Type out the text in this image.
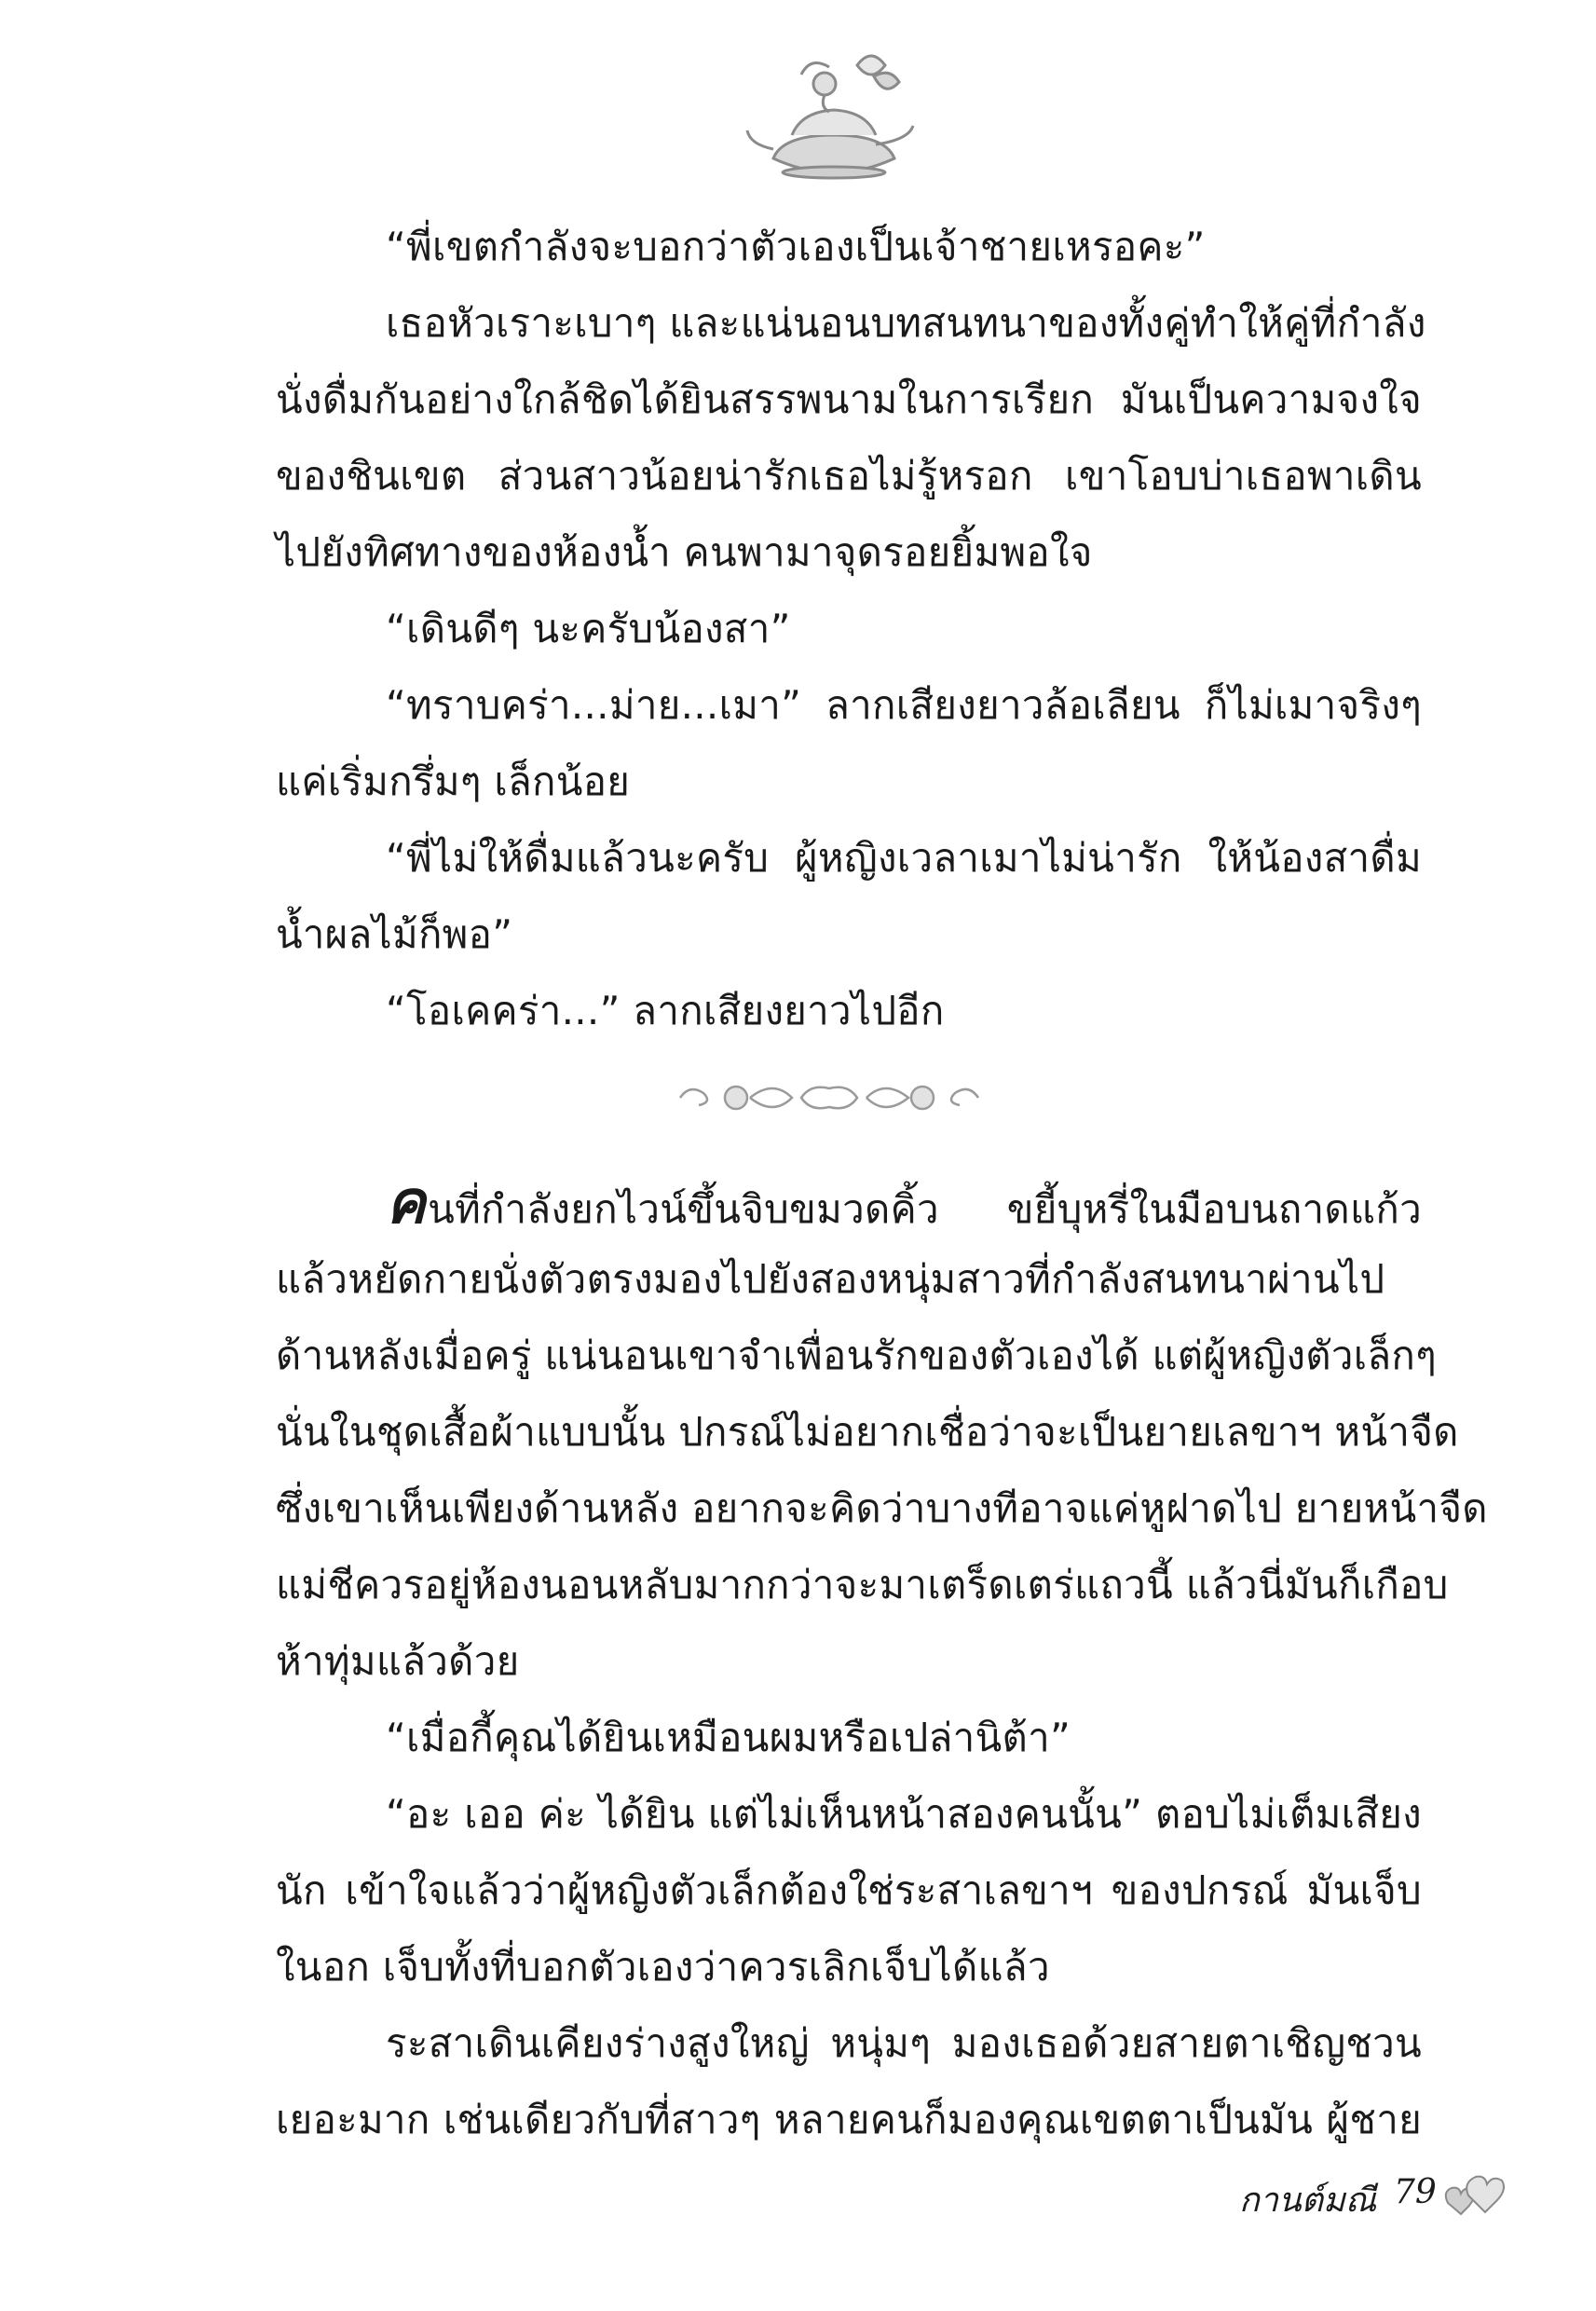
“พี่เขตกำลังจะบอกว่าตัวเองเป็นเจ้าชายเหรอคะ”
เธอหัวเราะเบาๆ และแน่นอนบทสนทนาของทั้งคู่ทำให้คู่ที่กำลัง
นั่งดื่มกันอย่างใกล้ชิดได้ยินสรรพนามในการเรียก มันเป็นความจงใจ
ของชินเขต ส่วนสาวน้อยน่ารักเธอไม่รู้หรอก เขาโอบบ่าเธอพาเดิน
ไปยังทิศทางของห้องน้ำ คนพามาจุดรอยยิ้มพอใจ
“เดินดีๆ นะครับน้องสา”
“ทราบคร่า...ม่าย...เมา” ลากเสียงยาวล้อเลียน ก็ไม่เมาจริงๆ
แค่เริ่มกรึ่มๆ เล็กน้อย
“พี่ไม่ให้ดื่มแล้วนะครับ ผู้หญิงเวลาเมาไม่น่ารัก ให้น้องสาดื่ม
น้ำผลไม้ก็พอ”
“โอเคคร่า...” ลากเสียงยาวไปอีก
คนที่กำลังยกไวน์ขึ้นจิบขมวดคิ้ว ขยี้บุหรี่ในมือบนถาดแก้ว
แล้วหยัดกายนั่งตัวตรงมองไปยังสองหนุ่มสาวที่กำลังสนทนาผ่านไป
ด้านหลังเมื่อครู่ แน่นอนเขาจำเพื่อนรักของตัวเองได้ แต่ผู้หญิงตัวเล็กๆ
นั่นในชุดเสื้อผ้าแบบนั้น ปกรณ์ไม่อยากเชื่อว่าจะเป็นยายเลขาฯ หน้าจืด
ซึ่งเขาเห็นเพียงด้านหลัง อยากจะคิดว่าบางทีอาจแค่หูฝาดไป ยายหน้าจืด
แม่ชีควรอยู่ห้องนอนหลับมากกว่าจะมาเตร็ดเตร่แถวนี้ แล้วนี่มันก็เกือบ
ห้าทุ่มแล้วด้วย
“เมื่อกี้คุณได้ยินเหมือนผมหรือเปล่านิต้า”
“อะ เออ ค่ะ ได้ยิน แต่ไม่เห็นหน้าสองคนนั้น” ตอบไม่เต็มเสียง
นัก เข้าใจแล้วว่าผู้หญิงตัวเล็กต้องใช่ระสาเลขาฯ ของปกรณ์ มันเจ็บ
ในอก เจ็บทั้งที่บอกตัวเองว่าควรเลิกเจ็บได้แล้ว
ระสาเดินเคียงร่างสูงใหญ่ หนุ่มๆ มองเธอด้วยสายตาเชิญชวน
เยอะมาก เช่นเดียวกับที่สาวๆ หลายคนก็มองคุณเขตตาเป็นมัน ผู้ชาย
กานต์มณี 79
